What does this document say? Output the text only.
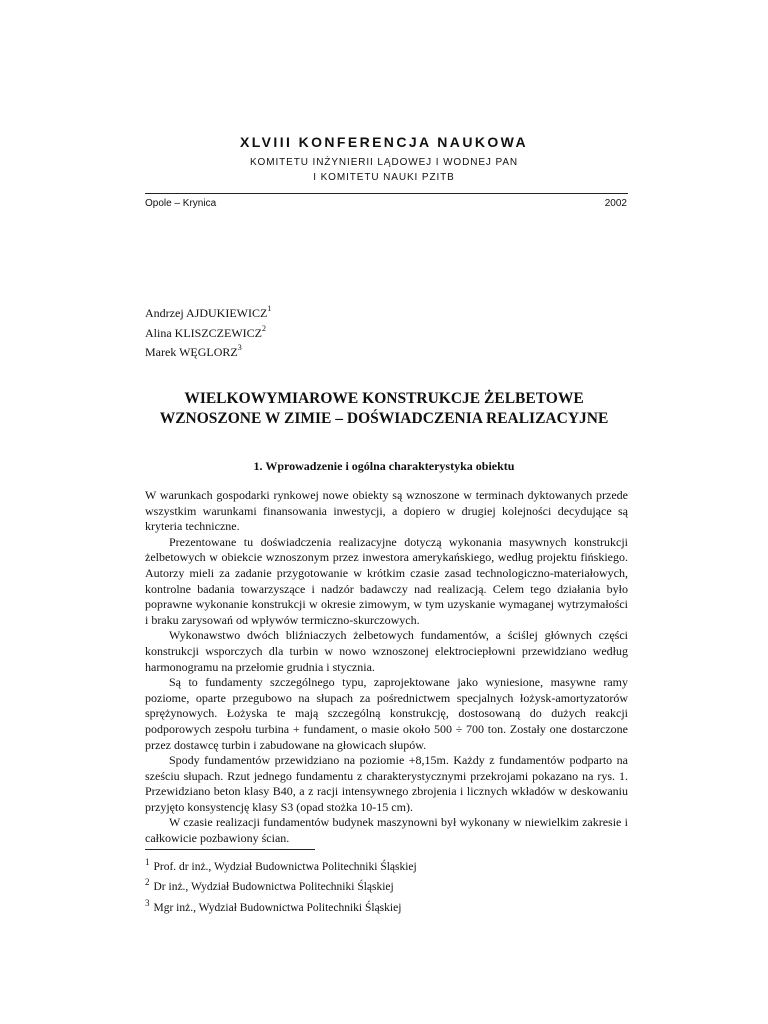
XLVIII KONFERENCJA NAUKOWA
KOMITETU INŻYNIERII LĄDOWEJ I WODNEJ PAN
I KOMITETU NAUKI PZITB
Opole – Krynica	2002
Andrzej AJDUKIEWICZ$^1$
Alina KLISZCZEWICZ$^2$
Marek WĘGLORZ$^3$
WIELKOWYMIAROWE KONSTRUKCJE ŻELBETOWE
WZNOSZONE W ZIMIE – DOŚWIADCZENIA REALIZACYJNE
1. Wprowadzenie i ogólna charakterystyka obiektu

W warunkach gospodarki rynkowej nowe obiekty są wznoszone w terminach dyktowanych przede wszystkim warunkami finansowania inwestycji, a dopiero w drugiej kolejności decydujące są kryteria techniczne.

Prezentowane tu doświadczenia realizacyjne dotyczą wykonania masywnych konstrukcji żelbetowych w obiekcie wznoszonym przez inwestora amerykańskiego, według projektu fińskiego. Autorzy mieli za zadanie przygotowanie w krótkim czasie zasad technologiczno-materiałowych, kontrolne badania towarzyszące i nadzór badawczy nad realizacją. Celem tego działania było poprawne wykonanie konstrukcji w okresie zimowym, w tym uzyskanie wymaganej wytrzymałości i braku zarysowań od wpływów termiczno-skurczowych.

Wykonawstwo dwóch bliźniaczych żelbetowych fundamentów, a ściślej głównych części konstrukcji wsporczych dla turbin w nowo wznoszonej elektrociepłowni przewidziano według harmonogramu na przełomie grudnia i stycznia.

Są to fundamenty szczególnego typu, zaprojektowane jako wyniesione, masywne ramy poziome, oparte przegubowo na słupach za pośrednictwem specjalnych łożysk-amortyzatorów sprężynowych. Łożyska te mają szczególną konstrukcję, dostosowaną do dużych reakcji podporowych zespołu turbina + fundament, o masie około 500 ÷ 700 ton. Zostały one dostarczone przez dostawcę turbin i zabudowane na głowicach słupów.

Spody fundamentów przewidziano na poziomie +8,15m. Każdy z fundamentów podparto na sześciu słupach. Rzut jednego fundamentu z charakterystycznymi przekrojami pokazano na rys. 1. Przewidziano beton klasy B40, a z racji intensywnego zbrojenia i licznych wkładów w deskowaniu przyjęto konsystencję klasy S3 (opad stożka 10-15 cm).

W czasie realizacji fundamentów budynek maszynowni był wykonany w niewielkim zakresie i całkowicie pozbawiony ścian.

$^1$ Prof. dr inż., Wydział Budownictwa Politechniki Śląskiej
$^2$ Dr inż., Wydział Budownictwa Politechniki Śląskiej
$^3$ Mgr inż., Wydział Budownictwa Politechniki Śląskiej
